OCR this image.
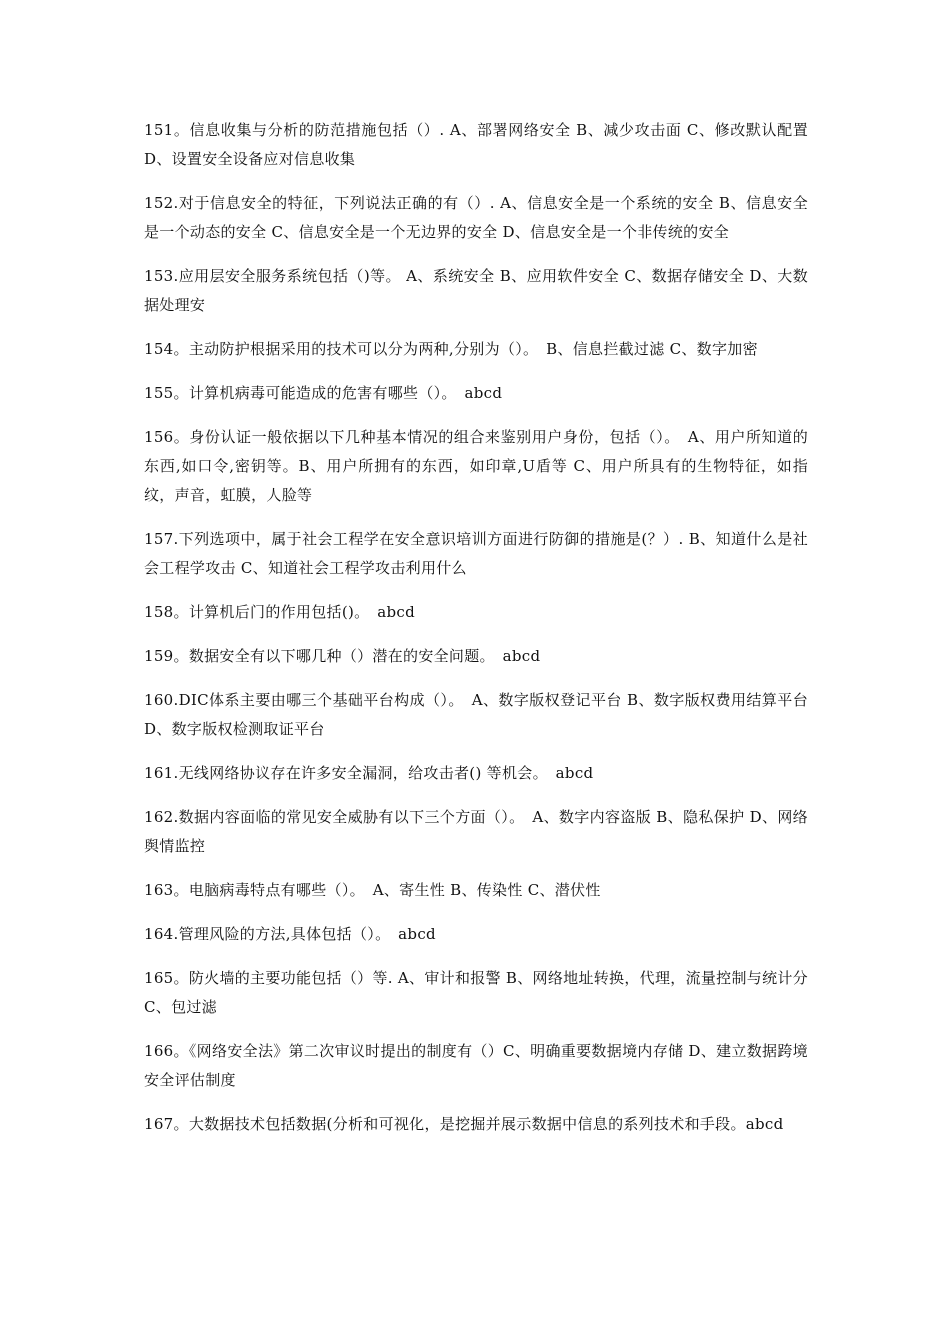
151。信息收集与分析的防范措施包括（）. A、部署网络安全 B、减少攻击面 C、修改默认配置 D、设置安全设备应对信息收集

152.对于信息安全的特征，下列说法正确的有（）. A、信息安全是一个系统的安全 B、信息安全是一个动态的安全 C、信息安全是一个无边界的安全 D、信息安全是一个非传统的安全

153.应用层安全服务系统包括（)等。 A、系统安全 B、应用软件安全 C、数据存储安全 D、大数据处理安

154。主动防护根据采用的技术可以分为两种,分别为（）。　B、信息拦截过滤 C、数字加密

155。计算机病毒可能造成的危害有哪些（）。　abcd

156。身份认证一般依据以下几种基本情况的组合来鉴别用户身份，包括（）。　A、用户所知道的东西,如口令,密钥等。B、用户所拥有的东西，如印章,U盾等 C、用户所具有的生物特征，如指纹，声音，虹膜，人脸等

157.下列选项中，属于社会工程学在安全意识培训方面进行防御的措施是(？）. B、知道什么是社会工程学攻击 C、知道社会工程学攻击利用什么

158。计算机后门的作用包括()。　abcd

159。数据安全有以下哪几种（）潜在的安全问题。　abcd

160.DIC体系主要由哪三个基础平台构成（）。　A、数字版权登记平台 B、数字版权费用结算平台 D、数字版权检测取证平台

161.无线网络协议存在许多安全漏洞，给攻击者() 等机会。　abcd

162.数据内容面临的常见安全威胁有以下三个方面（）。　A、数字内容盗版 B、隐私保护 D、网络舆情监控

163。电脑病毒特点有哪些（）。　A、寄生性 B、传染性 C、潜伏性

164.管理风险的方法,具体包括（）。　abcd

165。防火墙的主要功能包括（）等. A、审计和报警 B、网络地址转换，代理，流量控制与统计分 C、包过滤

166。《网络安全法》第二次审议时提出的制度有（）C、明确重要数据境内存储 D、建立数据跨境安全评估制度

167。大数据技术包括数据(分析和可视化，是挖掘并展示数据中信息的系列技术和手段。abcd
